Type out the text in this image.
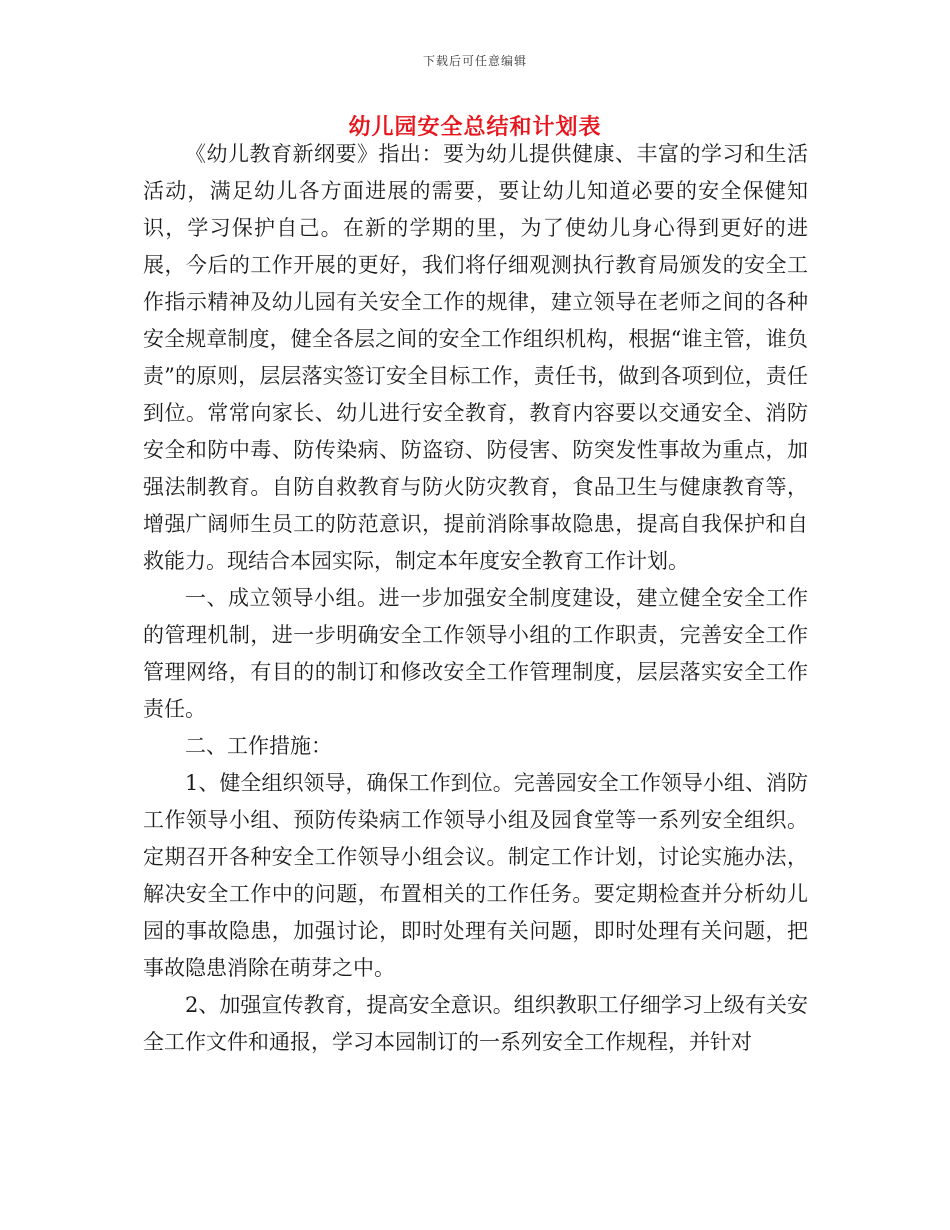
下载后可任意编辑
幼儿园安全总结和计划表

《幼儿教育新纲要》指出：要为幼儿提供健康、丰富的学习和生活活动，满足幼儿各方面进展的需要，要让幼儿知道必要的安全保健知识，学习保护自己。在新的学期的里，为了使幼儿身心得到更好的进展，今后的工作开展的更好，我们将仔细观测执行教育局颁发的安全工作指示精神及幼儿园有关安全工作的规律，建立领导在老师之间的各种安全规章制度，健全各层之间的安全工作组织机构，根据“谁主管，谁负责”的原则，层层落实签订安全目标工作，责任书，做到各项到位，责任到位。常常向家长、幼儿进行安全教育，教育内容要以交通安全、消防安全和防中毒、防传染病、防盗窃、防侵害、防突发性事故为重点，加强法制教育。自防自救教育与防火防灾教育，食品卫生与健康教育等，增强广阔师生员工的防范意识，提前消除事故隐患，提高自我保护和自救能力。现结合本园实际，制定本年度安全教育工作计划。

一、成立领导小组。进一步加强安全制度建设，建立健全安全工作的管理机制，进一步明确安全工作领导小组的工作职责，完善安全工作管理网络，有目的的制订和修改安全工作管理制度，层层落实安全工作责任。

二、工作措施：

1、健全组织领导，确保工作到位。完善园安全工作领导小组、消防工作领导小组、预防传染病工作领导小组及园食堂等一系列安全组织。定期召开各种安全工作领导小组会议。制定工作计划，讨论实施办法，解决安全工作中的问题，布置相关的工作任务。要定期检查并分析幼儿园的事故隐患，加强讨论，即时处理有关问题，即时处理有关问题，把事故隐患消除在萌芽之中。

2、加强宣传教育，提高安全意识。组织教职工仔细学习上级有关安全工作文件和通报，学习本园制订的一系列安全工作规程，并针对
